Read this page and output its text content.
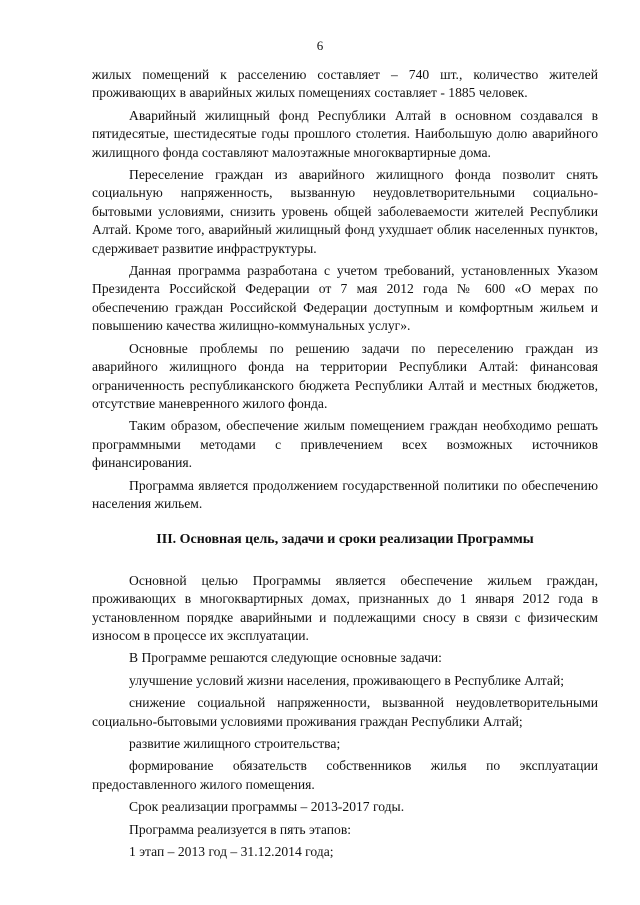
6

жилых помещений к расселению составляет – 740 шт., количество жителей проживающих в аварийных жилых помещениях составляет - 1885 человек.

Аварийный жилищный фонд Республики Алтай в основном создавался в пятидесятые, шестидесятые годы прошлого столетия. Наибольшую долю аварийного жилищного фонда составляют малоэтажные многоквартирные дома.

Переселение граждан из аварийного жилищного фонда позволит снять социальную напряженность, вызванную неудовлетворительными социально-бытовыми условиями, снизить уровень общей заболеваемости жителей Республики Алтай. Кроме того, аварийный жилищный фонд ухудшает облик населенных пунктов, сдерживает развитие инфраструктуры.

Данная программа разработана с учетом требований, установленных Указом Президента Российской Федерации от 7 мая 2012 года № 600 «О мерах по обеспечению граждан Российской Федерации доступным и комфортным жильем и повышению качества жилищно-коммунальных услуг».

Основные проблемы по решению задачи по переселению граждан из аварийного жилищного фонда на территории Республики Алтай: финансовая ограниченность республиканского бюджета Республики Алтай и местных бюджетов, отсутствие маневренного жилого фонда.

Таким образом, обеспечение жилым помещением граждан необходимо решать программными методами с привлечением всех возможных источников финансирования.

Программа является продолжением государственной политики по обеспечению населения жильем.

III. Основная цель, задачи и сроки реализации Программы

Основной целью Программы является обеспечение жильем граждан, проживающих в многоквартирных домах, признанных до 1 января 2012 года в установленном порядке аварийными и подлежащими сносу в связи с физическим износом в процессе их эксплуатации.

В Программе решаются следующие основные задачи:

улучшение условий жизни населения, проживающего в Республике Алтай;

снижение социальной напряженности, вызванной неудовлетворительными социально-бытовыми условиями проживания граждан Республики Алтай;

развитие жилищного строительства;

формирование обязательств собственников жилья по эксплуатации предоставленного жилого помещения.

Срок реализации программы – 2013-2017 годы.

Программа реализуется в пять этапов:

1 этап – 2013 год – 31.12.2014 года;
